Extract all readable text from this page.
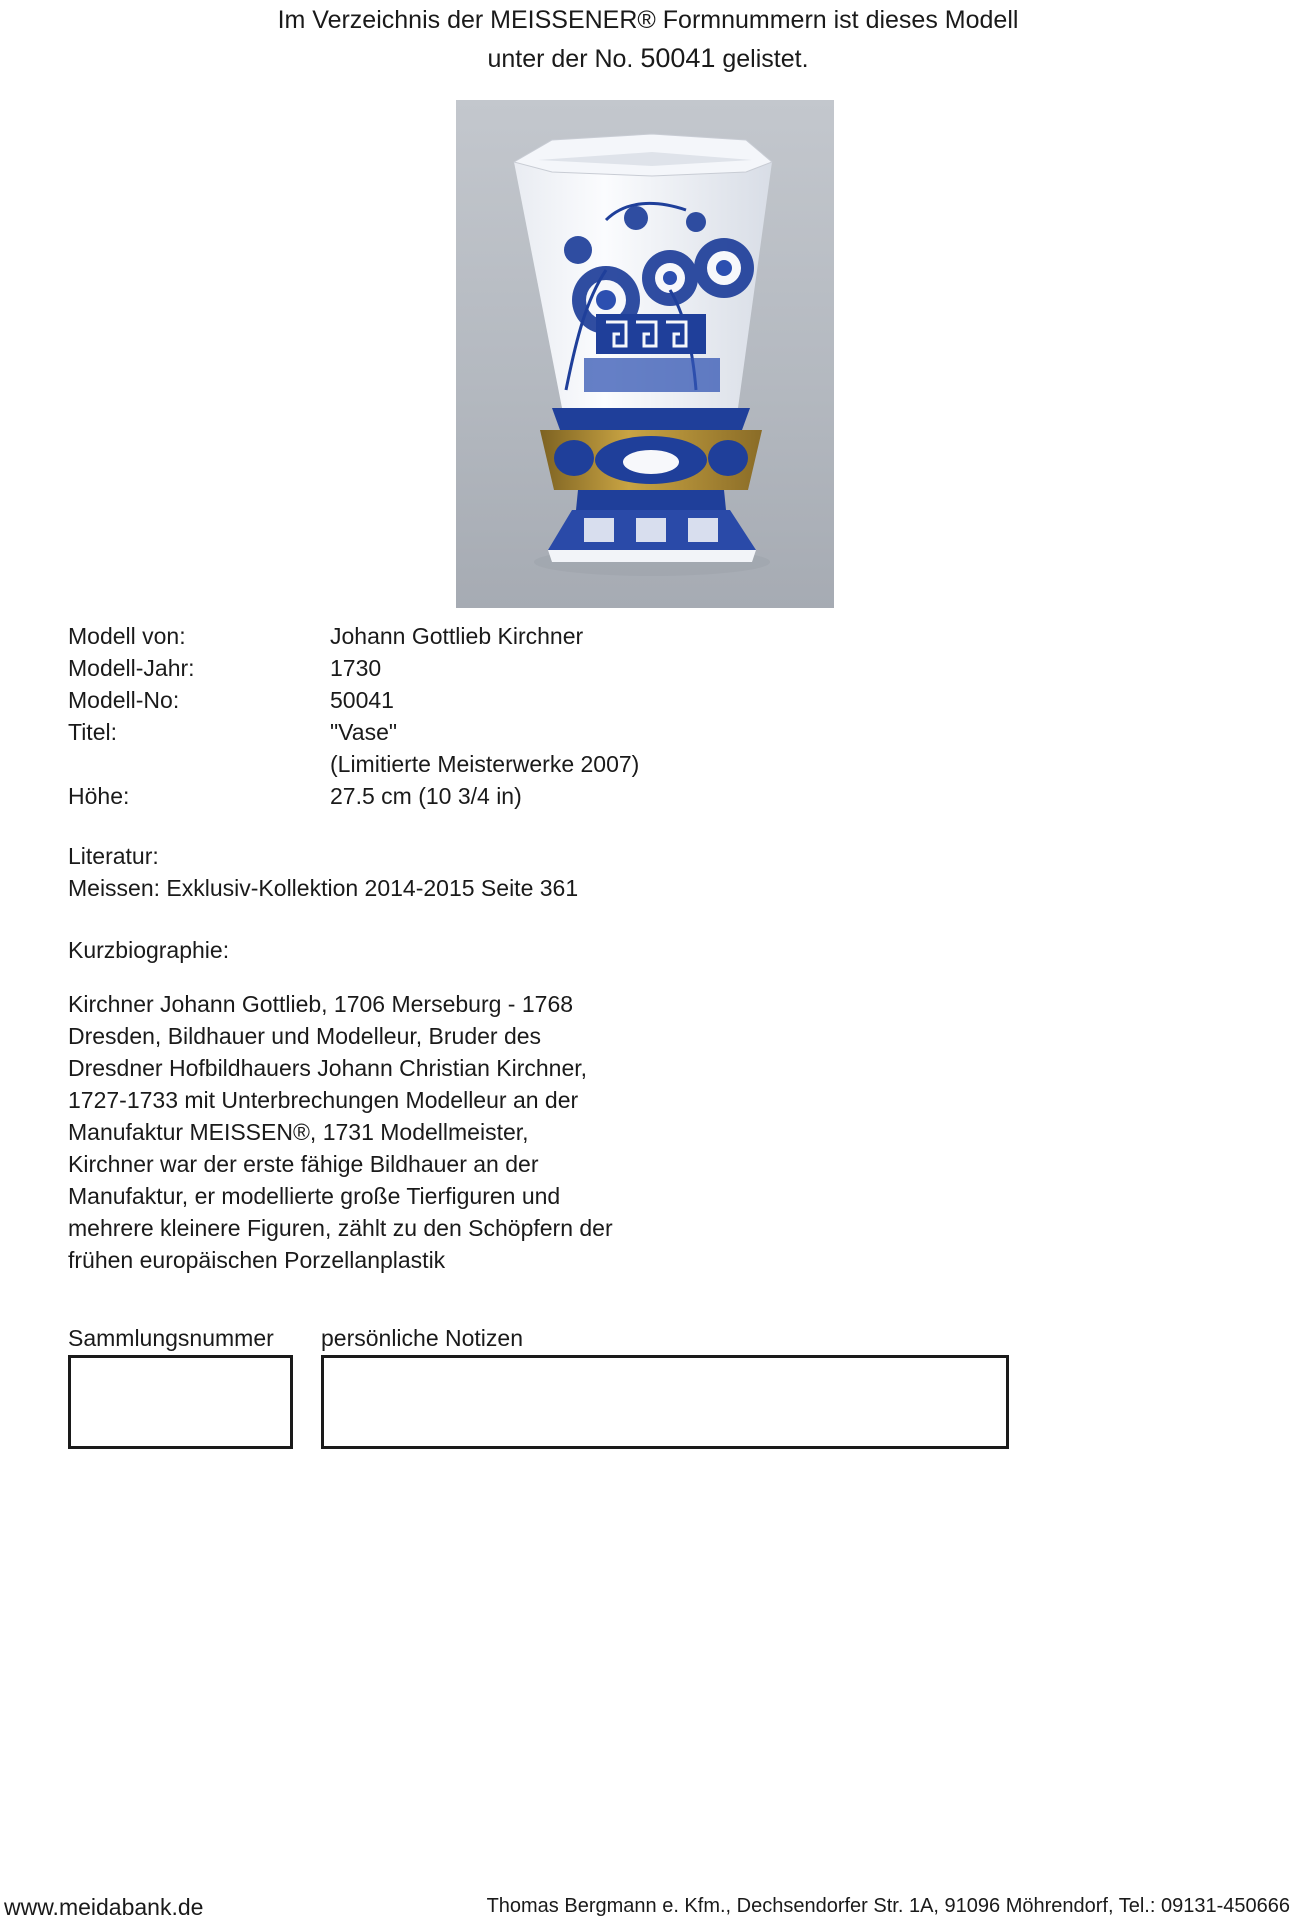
Im Verzeichnis der MEISSENER® Formnummern ist dieses Modell
unter der No. 50041 gelistet.
Modell von:	Johann Gottlieb Kirchner
Modell-Jahr:	1730
Modell-No:	50041
Titel:	"Vase"
(Limitierte Meisterwerke 2007)
Höhe:	27.5 cm (10 3/4 in)
Literatur:
Meissen: Exklusiv-Kollektion 2014-2015 Seite 361
Kurzbiographie:
Kirchner Johann Gottlieb, 1706 Merseburg - 1768
Dresden, Bildhauer und Modelleur, Bruder des
Dresdner Hofbildhauers Johann Christian Kirchner,
1727-1733 mit Unterbrechungen Modelleur an der
Manufaktur MEISSEN®, 1731 Modellmeister,
Kirchner war der erste fähige Bildhauer an der
Manufaktur, er modellierte große Tierfiguren und
mehrere kleinere Figuren, zählt zu den Schöpfern der
frühen europäischen Porzellanplastik
Sammlungsnummer persönliche Notizen
www.meidabank.de	Thomas Bergmann e. Kfm., Dechsendorfer Str. 1A, 91096 Möhrendorf, Tel.: 09131-450666
